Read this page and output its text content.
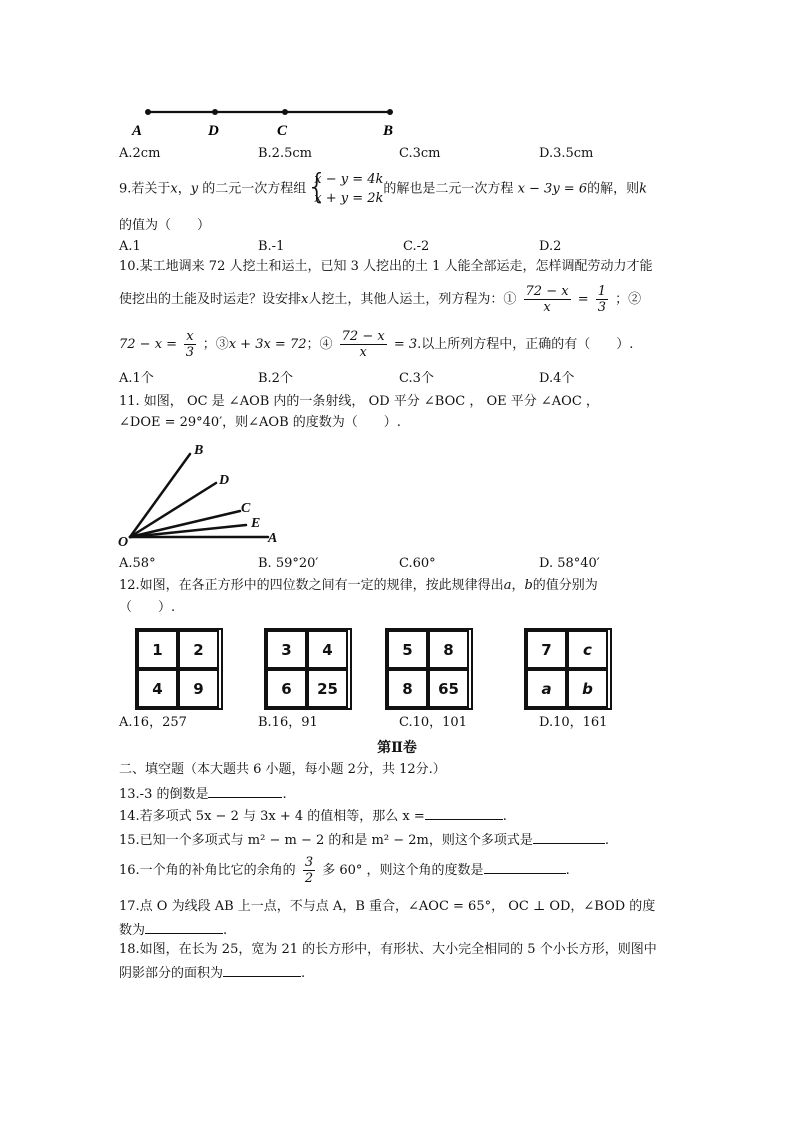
A	D	C	B
A.2cm	B.2.5cm	C.3cm	D.3.5cm
9.若关于x，y 的二元一次方程组 {
x − y = 4k
x + y = 2k
的解也是二元一次方程 x − 3y = 6的解，则k
的值为（　　）
A.1	B.-1	C.-2	D.2
10.某工地调来 72 人挖土和运土，已知 3 人挖出的土 1 人能全部运走，怎样调配劳动力才能
使挖出的土能及时运走？设安排x人挖土，其他人运土，列方程为：① $\frac{72 - x}{x} = \frac{1}{3}$ ；②
$72 - x = \frac{x}{3}$ ；③x + 3x = 72；④ $\frac{72 - x}{x} = 3$.以上所列方程中，正确的有（　　）.
A.1个	B.2个	C.3个	D.4个
11. 如图， OC 是 ∠AOB 内的一条射线， OD 平分 ∠BOC ， OE 平分 ∠AOC ，
∠DOE = 29°40′，则∠AOB 的度数为（　　）.
B
D
C
E
A
O
A.58°	B. 59°20′	C.60°	D. 58°40′
12.如图，在各正方形中的四位数之间有一定的规律，按此规律得出a，b的值分别为
（　　）.
1	2
4	9
3	4
6	25
5	8
8	65
7	c
a	b
A.16，257	B.16，91	C.10，101	D.10，161
第Ⅱ卷
二、填空题（本大题共 6 小题，每小题 2分，共 12分.）
13.-3 的倒数是	.
14.若多项式 5x − 2 与 3x + 4 的值相等，那么 x =	.
15.已知一个多项式与 m² − m − 2 的和是 m² − 2m，则这个多项式是	.
16.一个角的补角比它的余角的 $\frac{3}{2}$ 多 60° ，则这个角的度数是	.
17.点 O 为线段 AB 上一点，不与点 A，B 重合，∠AOC = 65°， OC ⊥ OD，∠BOD 的度
数为	.
18.如图，在长为 25，宽为 21 的长方形中，有形状、大小完全相同的 5 个小长方形，则图中
阴影部分的面积为	.
